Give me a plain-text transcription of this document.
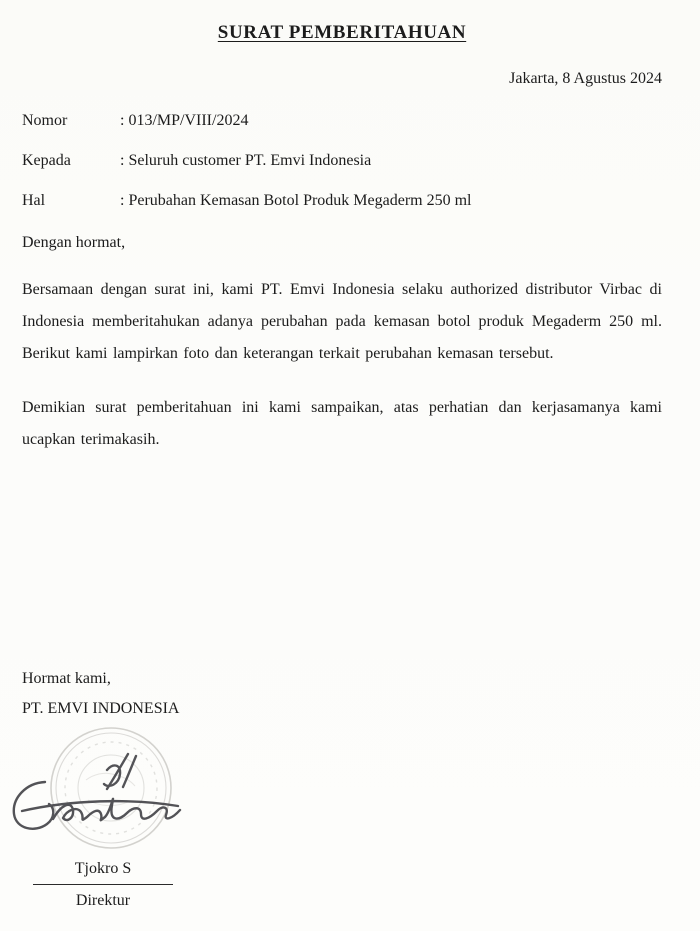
SURAT PEMBERITAHUAN
Jakarta, 8 Agustus 2024
Nomor	: 013/MP/VIII/2024
Kepada	: Seluruh customer PT. Emvi Indonesia
Hal	: Perubahan Kemasan Botol Produk Megaderm 250 ml

Dengan hormat,

Bersamaan dengan surat ini, kami PT. Emvi Indonesia selaku authorized distributor Virbac di Indonesia memberitahukan adanya perubahan pada kemasan botol produk Megaderm 250 ml. Berikut kami lampirkan foto dan keterangan terkait perubahan kemasan tersebut.

Demikian surat pemberitahuan ini kami sampaikan, atas perhatian dan kerjasamanya kami ucapkan terimakasih.

Hormat kami,
PT. EMVI INDONESIA
Tjokro S
Direktur
